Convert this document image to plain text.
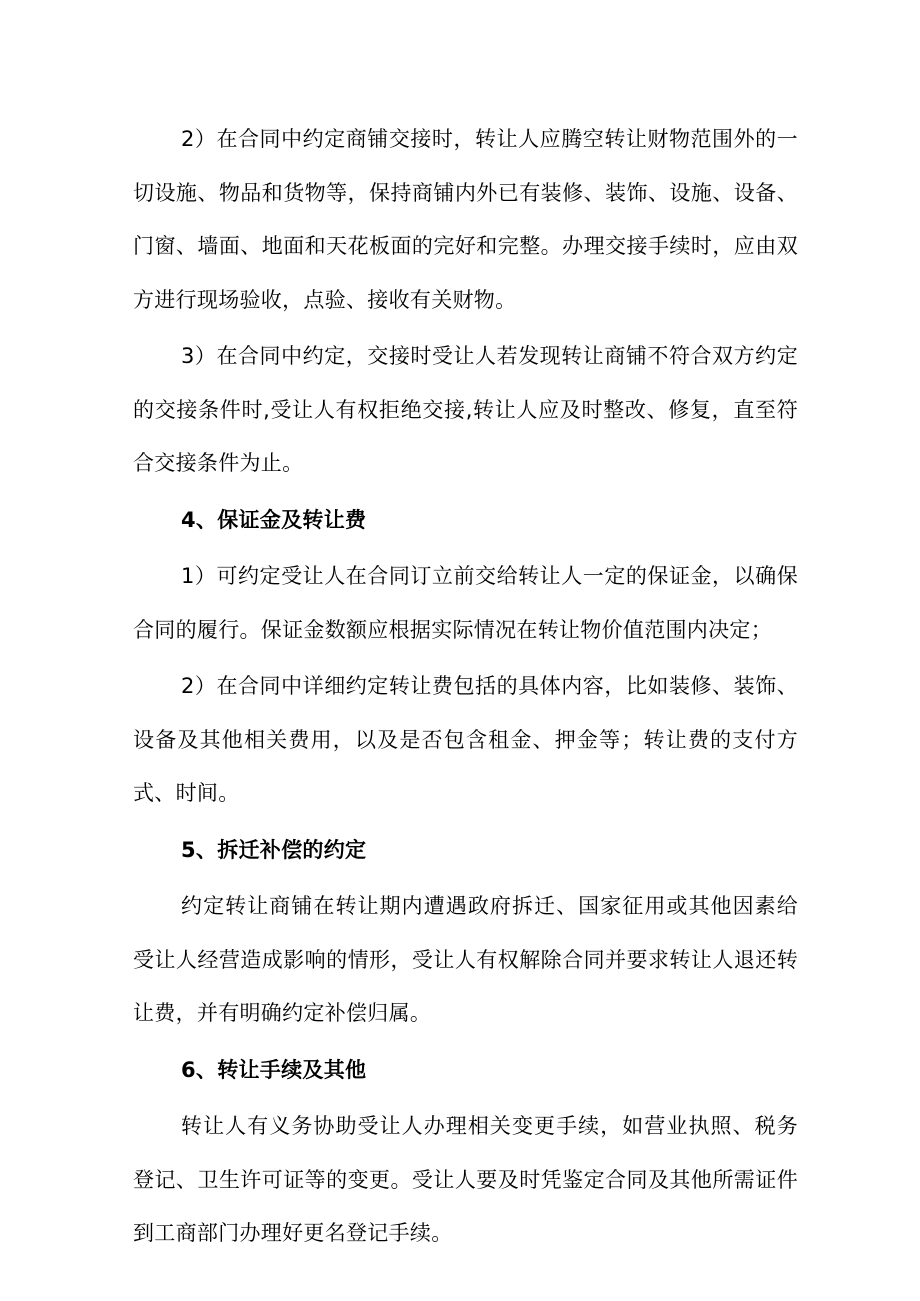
2）在合同中约定商铺交接时，转让人应腾空转让财物范围外的一切设施、物品和货物等，保持商铺内外已有装修、装饰、设施、设备、门窗、墙面、地面和天花板面的完好和完整。办理交接手续时，应由双方进行现场验收，点验、接收有关财物。

3）在合同中约定，交接时受让人若发现转让商铺不符合双方约定的交接条件时,受让人有权拒绝交接,转让人应及时整改、修复，直至符合交接条件为止。

4、保证金及转让费

1）可约定受让人在合同订立前交给转让人一定的保证金，以确保合同的履行。保证金数额应根据实际情况在转让物价值范围内决定；

2）在合同中详细约定转让费包括的具体内容，比如装修、装饰、设备及其他相关费用，以及是否包含租金、押金等；转让费的支付方式、时间。

5、拆迁补偿的约定

约定转让商铺在转让期内遭遇政府拆迁、国家征用或其他因素给受让人经营造成影响的情形，受让人有权解除合同并要求转让人退还转让费，并有明确约定补偿归属。

6、转让手续及其他

转让人有义务协助受让人办理相关变更手续，如营业执照、税务登记、卫生许可证等的变更。受让人要及时凭鉴定合同及其他所需证件到工商部门办理好更名登记手续。
